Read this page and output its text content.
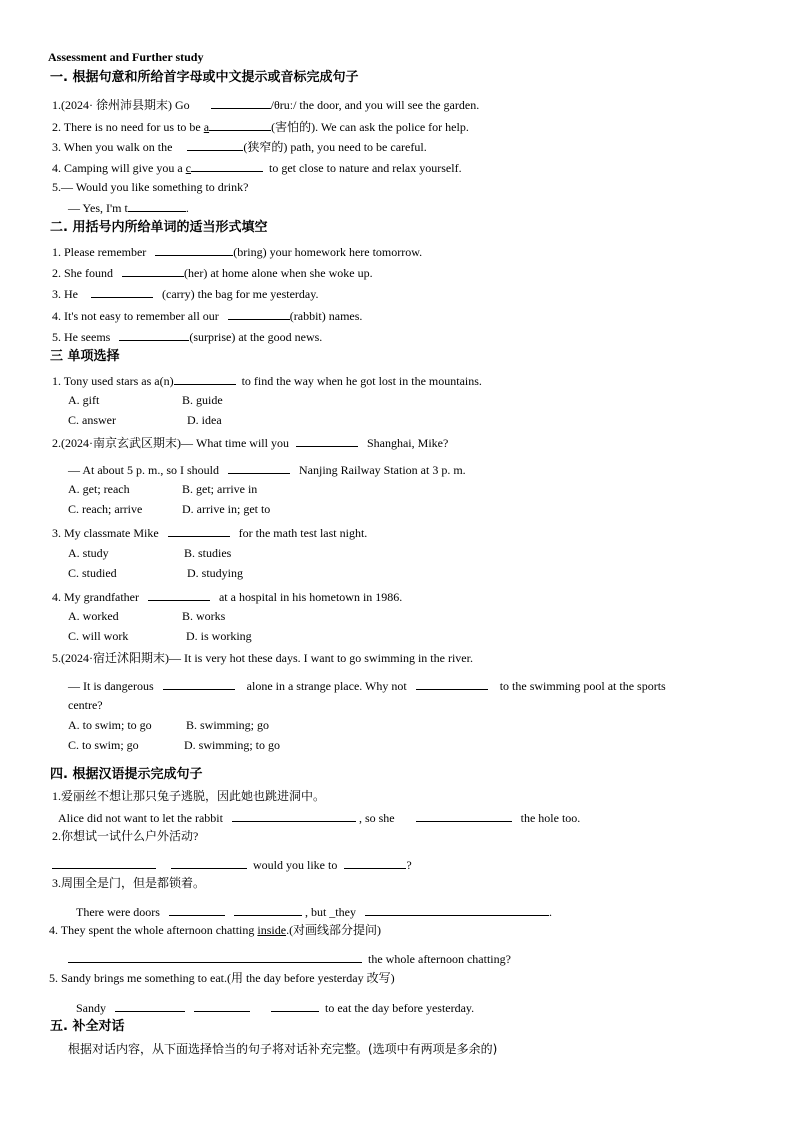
Assessment and Further study
一. 根据句意和所给首字母或中文提示或音标完成句子
1.(2024· 徐州沛县期末) Go	/θruː/ the door, and you will see the garden.
2. There is no need for us to be a	(害怕的). We can ask the police for help.
3. When you walk on the	(狭窄的) path, you need to be careful.
4. Camping will give you a c	to get close to nature and relax yourself.
5.— Would you like something to drink?
— Yes, I'm t	.
二. 用括号内所给单词的适当形式填空
1. Please remember	(bring) your homework here tomorrow.
2. She found	(her) at home alone when she woke up.
3. He	(carry) the bag for me yesterday.
4. It's not easy to remember all our	(rabbit) names.
5. He seems	(surprise) at the good news.
三 单项选择
1. Tony used stars as a(n)	to find the way when he got lost in the mountains.
A. gift	B. guide
C. answer	D. idea
2.(2024·南京玄武区期末)— What time will you	Shanghai, Mike?
— At about 5 p. m., so I should	Nanjing Railway Station at 3 p. m.
A. get; reach	B. get; arrive in
C. reach; arrive	D. arrive in; get to
3. My classmate Mike	for the math test last night.
A. study	B. studies
C. studied	D. studying
4. My grandfather	at a hospital in his hometown in 1986.
A. worked	B. works
C. will work	D. is working
5.(2024·宿迁沭阳期末)— It is very hot these days. I want to go swimming in the river.
— It is dangerous	alone in a strange place. Why not	to the swimming pool at the sports
centre?
A. to swim; to go	B. swimming; go
C. to swim; go	D. swimming; to go
四. 根据汉语提示完成句子
1.爱丽丝不想让那只兔子逃脱，因此她也跳进洞中。
Alice did not want to let the rabbit	, so she	the hole too.
2.你想试一试什么户外活动?
would you like to	?
3.周围全是门，但是都锁着。
There were doors	, but _they	.
4. They spent the whole afternoon chatting inside.(对画线部分提问)
the whole afternoon chatting?
5. Sandy brings me something to eat.(用 the day before yesterday 改写)
Sandy	to eat the day before yesterday.
五. 补全对话
根据对话内容，从下面选择恰当的句子将对话补充完整。(选项中有两项是多余的)
